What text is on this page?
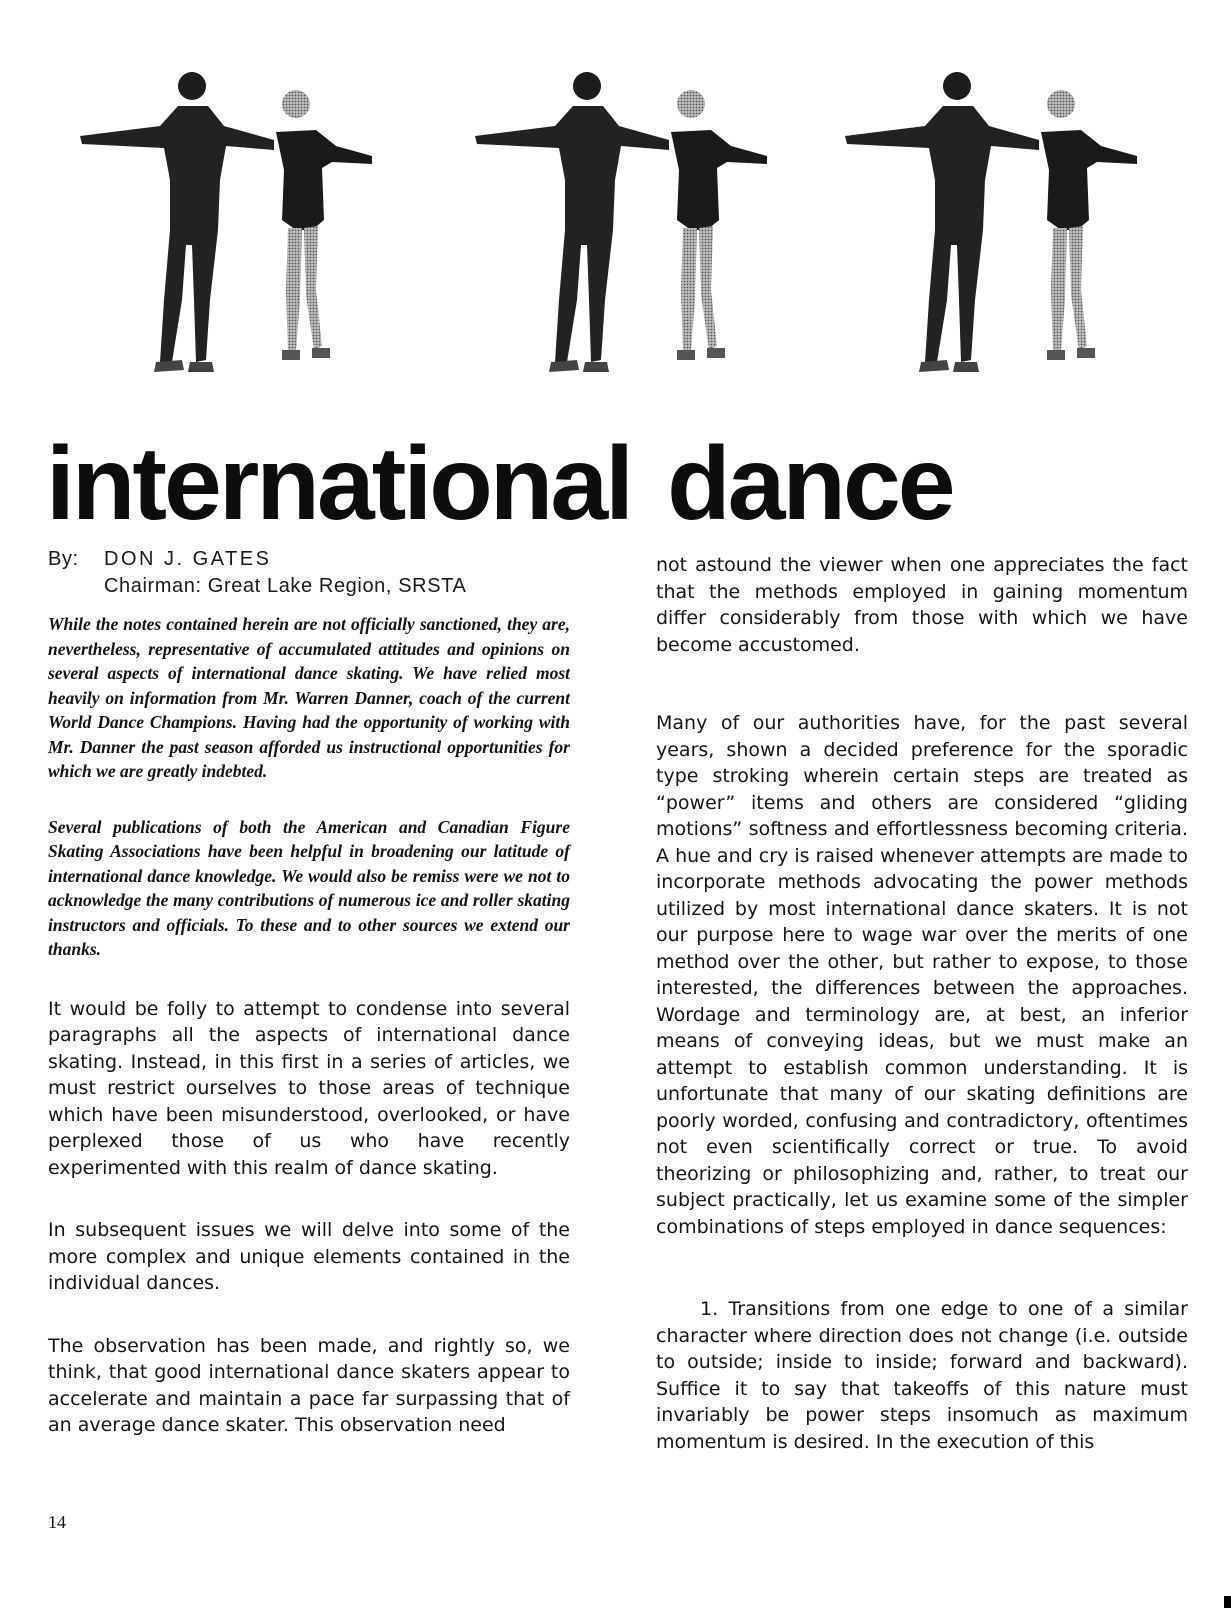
international dance
By: DON J. GATES
Chairman: Great Lake Region, SRSTA

While the notes contained herein are not officially sanctioned, they are, nevertheless, representative of accumulated attitudes and opinions on several aspects of international dance skating. We have relied most heavily on information from Mr. Warren Danner, coach of the current World Dance Champions. Having had the opportunity of working with Mr. Danner the past season afforded us instructional opportunities for which we are greatly indebted.

Several publications of both the American and Canadian Figure Skating Associations have been helpful in broadening our latitude of international dance knowledge. We would also be remiss were we not to acknowledge the many contributions of numerous ice and roller skating instructors and officials. To these and to other sources we extend our thanks.

It would be folly to attempt to condense into several paragraphs all the aspects of international dance skating. Instead, in this first in a series of articles, we must restrict ourselves to those areas of technique which have been misunderstood, overlooked, or have perplexed those of us who have recently experimented with this realm of dance skating.

In subsequent issues we will delve into some of the more complex and unique elements contained in the individual dances.

The observation has been made, and rightly so, we think, that good international dance skaters appear to accelerate and maintain a pace far surpassing that of an average dance skater. This observation need

not astound the viewer when one appreciates the fact that the methods employed in gaining momentum differ considerably from those with which we have become accustomed.

Many of our authorities have, for the past several years, shown a decided preference for the sporadic type stroking wherein certain steps are treated as “power” items and others are considered “gliding motions” softness and effortlessness becoming criteria. A hue and cry is raised whenever attempts are made to incorporate methods advocating the power methods utilized by most international dance skaters. It is not our purpose here to wage war over the merits of one method over the other, but rather to expose, to those interested, the differences between the approaches. Wordage and terminology are, at best, an inferior means of conveying ideas, but we must make an attempt to establish common understanding. It is unfortunate that many of our skating definitions are poorly worded, confusing and contradictory, oftentimes not even scientifically correct or true. To avoid theorizing or philosophizing and, rather, to treat our subject practically, let us examine some of the simpler combinations of steps employed in dance sequences:

1. Transitions from one edge to one of a similar character where direction does not change (i.e. outside to outside; inside to inside; forward and backward). Suffice it to say that takeoffs of this nature must invariably be power steps insomuch as maximum momentum is desired. In the execution of this

14
